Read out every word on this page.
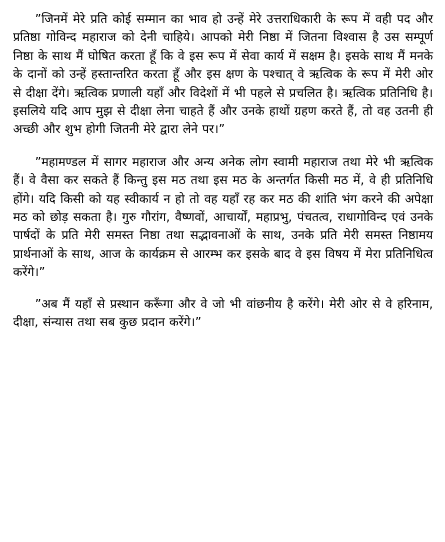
”जिनमें मेरे प्रति कोई सम्मान का भाव हो उन्हें मेरे उत्तराधिकारी के रूप में वही पद और प्रतिष्ठा गोविन्द महाराज को देनी चाहिये। आपको मेरी निष्ठा में जितना विश्वास है उस सम्पूर्ण निष्ठा के साथ मैं घोषित करता हूँ कि वे इस रूप में सेवा कार्य में सक्षम है। इसके साथ मैं मनके के दानों को उन्हें हस्तान्तरित करता हूँ और इस क्षण के पश्चात् वे ऋत्विक के रूप में मेरी ओर से दीक्षा देंगे। ऋत्विक प्रणाली यहाँ और विदेशों में भी पहले से प्रचलित है। ऋत्विक प्रतिनिधि है। इसलिये यदि आप मुझ से दीक्षा लेना चाहते हैं और उनके हाथों ग्रहण करते हैं, तो वह उतनी ही अच्छी और शुभ होगी जितनी मेरे द्वारा लेने पर।”

”महामण्डल में सागर महाराज और अन्य अनेक लोग स्वामी महाराज तथा मेरे भी ऋत्विक हैं। वे वैसा कर सकते हैं किन्तु इस मठ तथा इस मठ के अन्तर्गत किसी मठ में, वे ही प्रतिनिधि होंगे। यदि किसी को यह स्वीकार्य न हो तो वह यहाँ रह कर मठ की शांति भंग करने की अपेक्षा मठ को छोड़ सकता है। गुरु गौरांग, वैष्णवों, आचार्यों, महाप्रभु, पंचतत्व, राधागोविन्द एवं उनके पार्षदों के प्रति मेरी समस्त निष्ठा तथा सद्भावनाओं के साथ, उनके प्रति मेरी समस्त निष्ठामय प्रार्थनाओं के साथ, आज के कार्यक्रम से आरम्भ कर इसके बाद वे इस विषय में मेरा प्रतिनिधित्व करेंगे।”

”अब मैं यहाँ से प्रस्थान करूँगा और वे जो भी वांछनीय है करेंगे। मेरी ओर से वे हरिनाम, दीक्षा, संन्यास तथा सब कुछ प्रदान करेंगे।”
